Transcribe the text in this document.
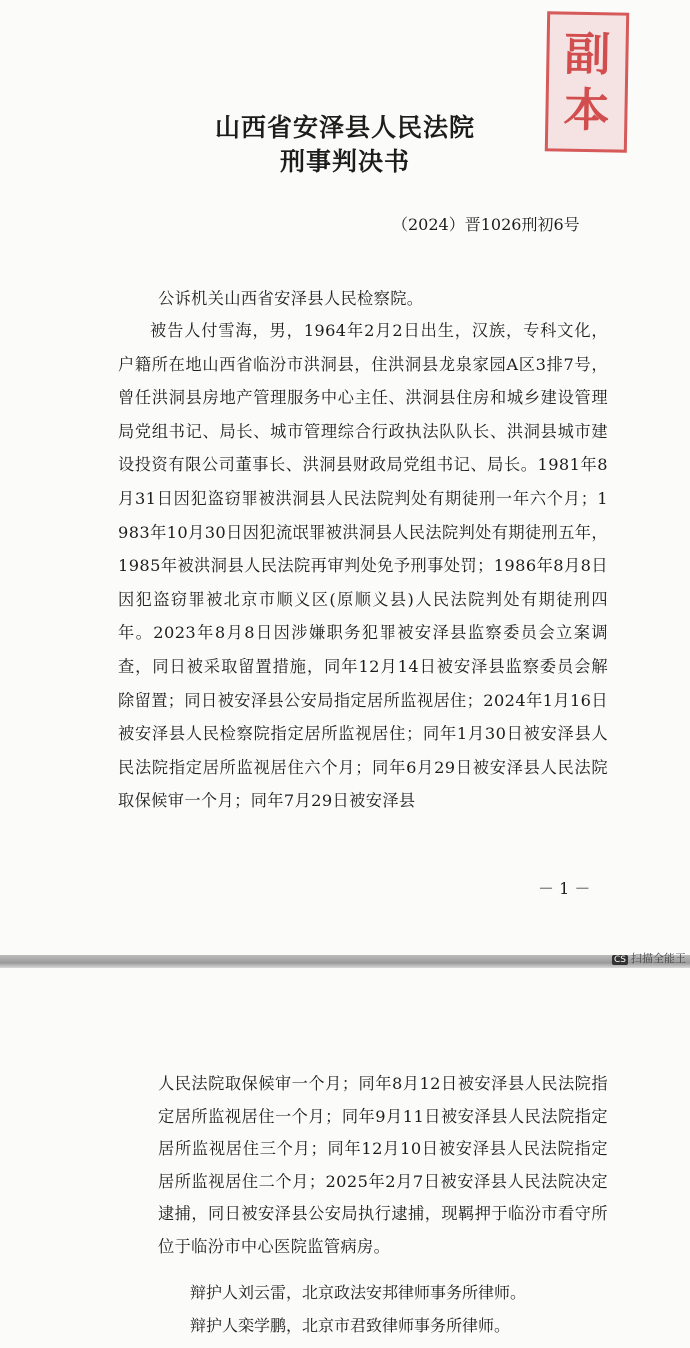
CS 扫描全能王
副
本
山西省安泽县人民法院
刑事判决书
（2024）晋1026刑初6号
公诉机关山西省安泽县人民检察院。
被告人付雪海，男，1964年2月2日出生，汉族，专科文化，户籍所在地山西省临汾市洪洞县，住洪洞县龙泉家园A区3排7号，曾任洪洞县房地产管理服务中心主任、洪洞县住房和城乡建设管理局党组书记、局长、城市管理综合行政执法队队长、洪洞县城市建设投资有限公司董事长、洪洞县财政局党组书记、局长。1981年8月31日因犯盗窃罪被洪洞县人民法院判处有期徒刑一年六个月；1983年10月30日因犯流氓罪被洪洞县人民法院判处有期徒刑五年，1985年被洪洞县人民法院再审判处免予刑事处罚；1986年8月8日因犯盗窃罪被北京市顺义区(原顺义县)人民法院判处有期徒刑四年。2023年8月8日因涉嫌职务犯罪被安泽县监察委员会立案调查，同日被采取留置措施，同年12月14日被安泽县监察委员会解除留置；同日被安泽县公安局指定居所监视居住；2024年1月16日被安泽县人民检察院指定居所监视居住；同年1月30日被安泽县人民法院指定居所监视居住六个月；同年6月29日被安泽县人民法院取保候审一个月；同年7月29日被安泽县
－ 1 －
人民法院取保候审一个月；同年8月12日被安泽县人民法院指定居所监视居住一个月；同年9月11日被安泽县人民法院指定居所监视居住三个月；同年12月10日被安泽县人民法院指定居所监视居住二个月；2025年2月7日被安泽县人民法院决定逮捕，同日被安泽县公安局执行逮捕，现羁押于临汾市看守所位于临汾市中心医院监管病房。
辩护人刘云雷，北京政法安邦律师事务所律师。
辩护人栾学鹏，北京市君致律师事务所律师。
